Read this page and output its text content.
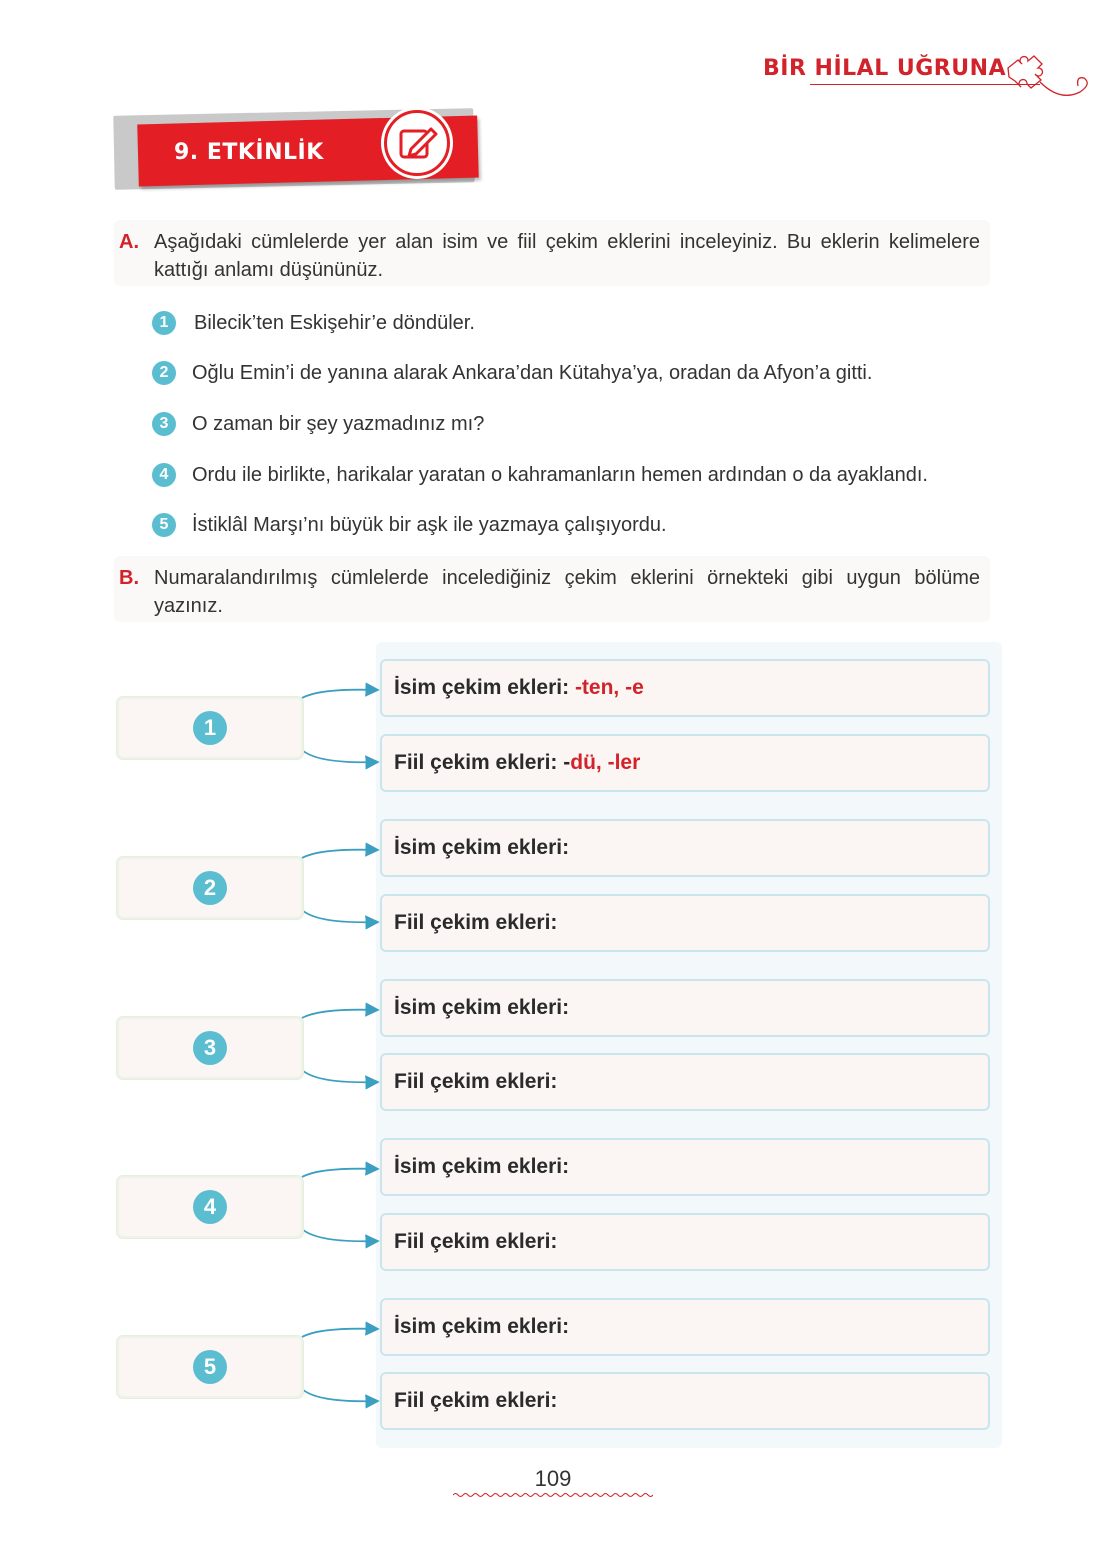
BİR HİLAL UĞRUNA
9. ETKİNLİK
A. Aşağıdaki cümlelerde yer alan isim ve fiil çekim eklerini inceleyiniz. Bu eklerin kelimelere kattığı anlamı düşününüz.
1 Bilecik’ten Eskişehir’e döndüler.
2 Oğlu Emin’i de yanına alarak Ankara’dan Kütahya’ya, oradan da Afyon’a gitti.
3 O zaman bir şey yazmadınız mı?
4 Ordu ile birlikte, harikalar yaratan o kahramanların hemen ardından o da ayaklandı.
5 İstiklâl Marşı’nı büyük bir aşk ile yazmaya çalışıyordu.
B. Numaralandırılmış cümlelerde incelediğiniz çekim eklerini örnekteki gibi uygun bölüme yazınız.
1
İsim çekim ekleri: -ten, -e
Fiil çekim ekleri: -dü, -ler
2
İsim çekim ekleri:
Fiil çekim ekleri:
3
İsim çekim ekleri:
Fiil çekim ekleri:
4
İsim çekim ekleri:
Fiil çekim ekleri:
5
İsim çekim ekleri:
Fiil çekim ekleri:
109
